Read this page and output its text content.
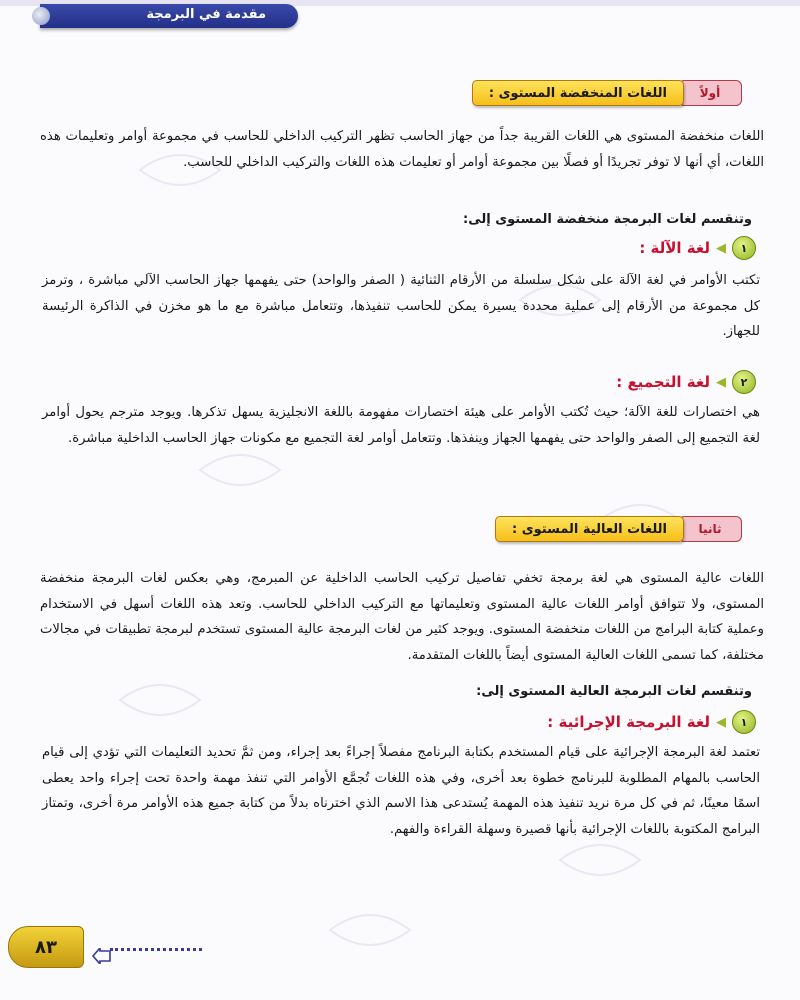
مقدمة في البرمجة
أولاً
اللغات المنخفضة المستوى :

اللغات منخفضة المستوى هي اللغات القريبة جداً من جهاز الحاسب تظهر التركيب الداخلي للحاسب في مجموعة أوامر وتعليمات هذه اللغات، أي أنها لا توفر تجريدًا أو فصلًا بين مجموعة أوامر أو تعليمات هذه اللغات والتركيب الداخلي للحاسب.

وتنقسم لغات البرمجة منخفضة المستوى إلى:

١
◀
لغة الآلة :

تكتب الأوامر في لغة الآلة على شكل سلسلة من الأرقام الثنائية ( الصفر والواحد) حتى يفهمها جهاز الحاسب الآلي مباشرة ، وترمز كل مجموعة من الأرقام إلى عملية محددة يسيرة يمكن للحاسب تنفيذها، وتتعامل مباشرة مع ما هو مخزن في الذاكرة الرئيسة للجهاز.

٢
◀
لغة التجميع :

هي اختصارات للغة الآلة؛ حيث تُكتب الأوامر على هيئة اختصارات مفهومة باللغة الانجليزية يسهل تذكرها. ويوجد مترجم يحول أوامر لغة التجميع إلى الصفر والواحد حتى يفهمها الجهاز وينفذها. وتتعامل أوامر لغة التجميع مع مكونات جهاز الحاسب الداخلية مباشرة.

ثانيا
اللغات العالية المستوى :

اللغات عالية المستوى هي لغة برمجة تخفي تفاصيل تركيب الحاسب الداخلية عن المبرمج، وهي بعكس لغات البرمجة منخفضة المستوى، ولا تتوافق أوامر اللغات عالية المستوى وتعليماتها مع التركيب الداخلي للحاسب. وتعد هذه اللغات أسهل في الاستخدام وعملية كتابة البرامج من اللغات منخفضة المستوى. ويوجد كثير من لغات البرمجة عالية المستوى تستخدم لبرمجة تطبيقات في مجالات مختلفة، كما تسمى اللغات العالية المستوى أيضاً باللغات المتقدمة.

وتنقسم لغات البرمجة العالية المستوى إلى:

١
◀
لغة البرمجة الإجرائية :

تعتمد لغة البرمجة الإجرائية على قيام المستخدم بكتابة البرنامج مفصلاً إجراءً بعد إجراء، ومن ثمَّ تحديد التعليمات التي تؤدي إلى قيام الحاسب بالمهام المطلوبة للبرنامج خطوة بعد أخرى، وفي هذه اللغات تُجمَّع الأوامر التي تنفذ مهمة واحدة تحت إجراء واحد يعطى اسمًا معينًا، ثم في كل مرة نريد تنفيذ هذه المهمة يُستدعى هذا الاسم الذي اخترناه بدلاً من كتابة جميع هذه الأوامر مرة أخرى، وتمتاز البرامج المكتوبة باللغات الإجرائية بأنها قصيرة وسهلة القراءة والفهم.

٨٣
